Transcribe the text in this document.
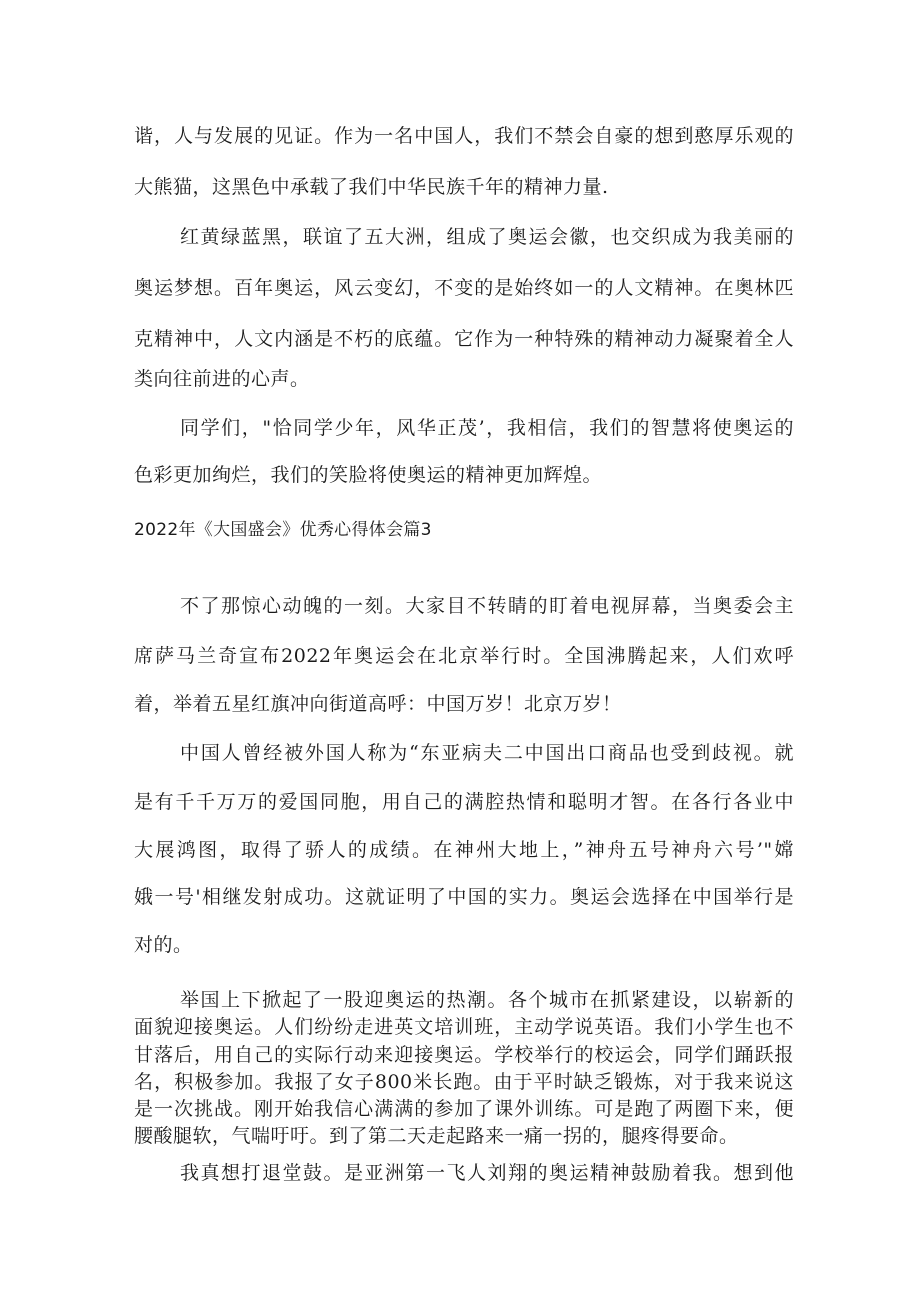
谐，人与发展的见证。作为一名中国人，我们不禁会自豪的想到憨厚乐观的
大熊猫，这黑色中承载了我们中华民族千年的精神力量.
红黄绿蓝黑，联谊了五大洲，组成了奥运会徽，也交织成为我美丽的
奥运梦想。百年奥运，风云变幻，不变的是始终如一的人文精神。在奥林匹
克精神中，人文内涵是不朽的底蕴。它作为一种特殊的精神动力凝聚着全人
类向往前进的心声。
同学们，"恰同学少年，风华正茂’，我相信，我们的智慧将使奥运的
色彩更加绚烂，我们的笑脸将使奥运的精神更加辉煌。
2022年《大国盛会》优秀心得体会篇3
不了那惊心动魄的一刻。大家目不转睛的盯着电视屏幕，当奥委会主
席萨马兰奇宣布2022年奥运会在北京举行时。全国沸腾起来，人们欢呼
着，举着五星红旗冲向街道高呼：中国万岁！北京万岁！
中国人曾经被外国人称为“东亚病夫二中国出口商品也受到歧视。就
是有千千万万的爱国同胞，用自己的满腔热情和聪明才智。在各行各业中
大展鸿图，取得了骄人的成绩。在神州大地上，”神舟五号神舟六号’"嫦
娥一号'相继发射成功。这就证明了中国的实力。奥运会选择在中国举行是
对的。
举国上下掀起了一股迎奥运的热潮。各个城市在抓紧建设，以崭新的
面貌迎接奥运。人们纷纷走进英文培训班，主动学说英语。我们小学生也不
甘落后，用自己的实际行动来迎接奥运。学校举行的校运会，同学们踊跃报
名，积极参加。我报了女子800米长跑。由于平时缺乏锻炼，对于我来说这
是一次挑战。刚开始我信心满满的参加了课外训练。可是跑了两圈下来，便
腰酸腿软，气喘吁吁。到了第二天走起路来一痛一拐的，腿疼得要命。
我真想打退堂鼓。是亚洲第一飞人刘翔的奥运精神鼓励着我。想到他
